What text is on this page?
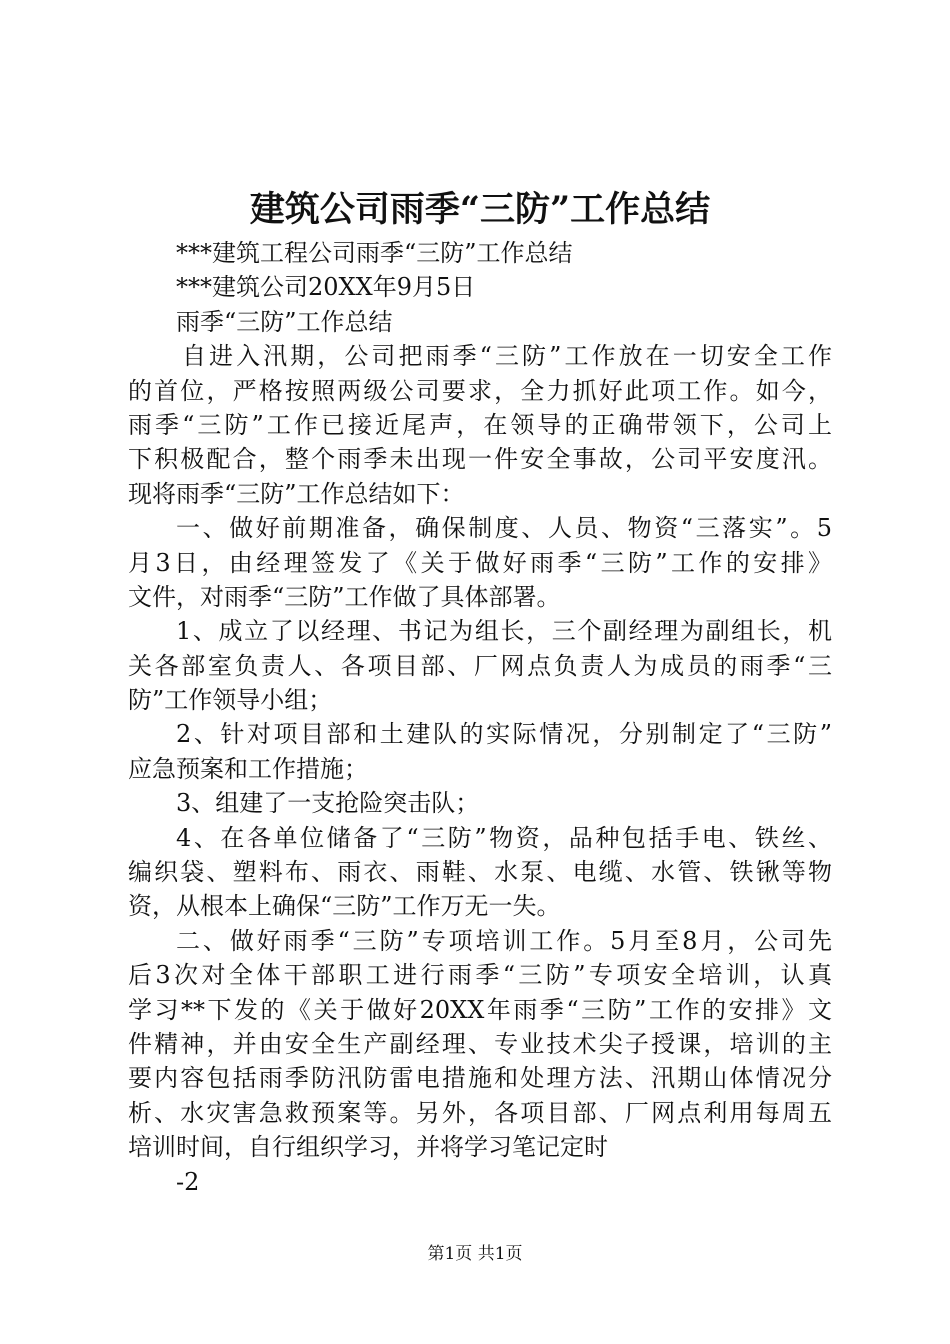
建筑公司雨季“三防”工作总结
***建筑工程公司雨季“三防”工作总结
***建筑公司20XX年9月5日
雨季“三防”工作总结
自进入汛期，公司把雨季“三防”工作放在一切安全工作
的首位，严格按照两级公司要求，全力抓好此项工作。如今，
雨季“三防”工作已接近尾声，在领导的正确带领下，公司上
下积极配合，整个雨季未出现一件安全事故，公司平安度汛。
现将雨季“三防”工作总结如下：
一、做好前期准备，确保制度、人员、物资“三落实”。5
月3日，由经理签发了《关于做好雨季“三防”工作的安排》
文件，对雨季“三防”工作做了具体部署。
1、成立了以经理、书记为组长，三个副经理为副组长，机
关各部室负责人、各项目部、厂网点负责人为成员的雨季“三
防”工作领导小组；
2、针对项目部和土建队的实际情况，分别制定了“三防”
应急预案和工作措施；
3、组建了一支抢险突击队；
4、在各单位储备了“三防”物资，品种包括手电、铁丝、
编织袋、塑料布、雨衣、雨鞋、水泵、电缆、水管、铁锹等物
资，从根本上确保“三防”工作万无一失。
二、做好雨季“三防”专项培训工作。5月至8月，公司先
后3次对全体干部职工进行雨季“三防”专项安全培训，认真
学习**下发的《关于做好20XX年雨季“三防”工作的安排》文
件精神，并由安全生产副经理、专业技术尖子授课，培训的主
要内容包括雨季防汛防雷电措施和处理方法、汛期山体情况分
析、水灾害急救预案等。另外，各项目部、厂网点利用每周五
培训时间，自行组织学习，并将学习笔记定时
-2
第1页 共1页
